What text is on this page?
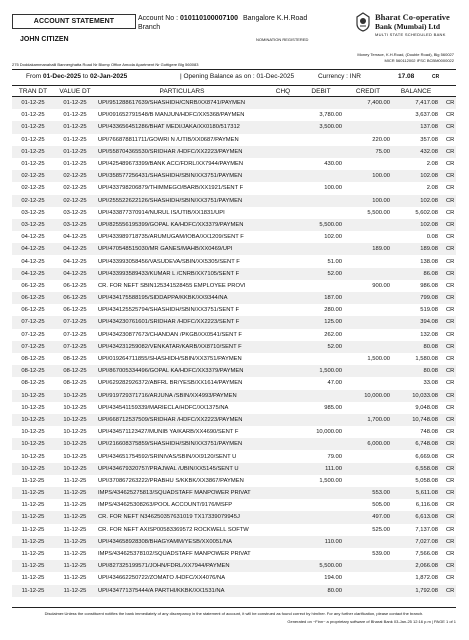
ACCOUNT STATEMENT	Account No : 010110100007100 Bangalore K.H.Road
Branch
NOMINATION REGISTERED
JOHN CITIZEN
Bharat Co-operative
Bank (Mumbai) Ltd
MULTI STATE SCHEDULED BANK
Money Terrace, K.H.Road, (Double Road), Blg 560027
MICR 560112002 IFSC BCBM0000022
275 Doddakammanahalli Bannerghatta Road Nr Blomp Office Amoda Apartment Nr Gottigere Blg 560083
From 01-Dec-2025 to 02-Jan-2025	| Opening Balance as on : 01-Dec-2025	Currency : INR	17.08	CR
TRAN DT	VALUE DT	PARTICULARS	CHQ	DEBIT	CREDIT	BALANCE	
01-12-25	01-12-25	UPI/951288617639/SHASHIDH/CNRB/XX8741/PAYMEN			7,400.00	7,417.08	CR
01-12-25	01-12-25	UPI/091652791548/B MANJUN/HDFC/XX5368/PAYMEN		3,780.00		3,637.08	CR
01-12-25	01-12-25	UPI/433656451286/BHAT MEDI/JAKA/XX0180/517312		3,500.00		137.08	CR
01-12-25	01-12-25	UPI/766878811711/GOWRI N /UTIB/XX0687/PAYMEN			220.00	357.08	CR
01-12-25	01-12-25	UPI/558704365530/SRIDHAR /HDFC/XX2223/PAYMEN			75.00	432.08	CR
01-12-25	01-12-25	UPI/425489673399/BANK ACC/FDRL/XX7944/PAYMEN		430.00		2.08	CR
02-12-25	02-12-25	UPI/358577256431/SHASHIDH/SBIN/XX3751/PAYMEN			100.00	102.08	CR
02-12-25	02-12-25	UPI/433798206879/THIMMEGO/BARB/XX1921/SENT F		100.00		2.08	CR
02-12-25	02-12-25	UPI/255522622126/SHASHIDH/SBIN/XX3751/PAYMEN			100.00	102.08	CR
03-12-25	03-12-25	UPI/433877370914/NURUL IS/UTIB/XX1831/UPI			5,500.00	5,602.08	CR
03-12-25	03-12-25	UPI/825556195399/GOPAL KA/HDFC/XX3379/PAYMEN		5,500.00		102.08	CR
04-12-25	04-12-25	UPI/433989718735/ARUMUGAM/IOBA/XX1209/SENT F		102.00		0.08	CR
04-12-25	04-12-25	UPI/470548515030/MR GANES/MAHB/XX0469/UPI			189.00	189.08	CR
04-12-25	04-12-25	UPI/433993058456/VASUDEVA/SBIN/XX5305/SENT F		51.00		138.08	CR
04-12-25	04-12-25	UPI/433993589433/KUMAR L /CNRB/XX7105/SENT F		52.00		86.08	CR
06-12-25	06-12-25	CR. FOR NEFT SBIN125341528455 EMPLOYEE PROVI			900.00	986.08	CR
06-12-25	06-12-25	UPI/434175588195/SIDDAPPA/KKBK/XX9344/NA		187.00		799.08	CR
06-12-25	06-12-25	UPI/434125525794/SHASHIDH/SBIN/XX3751/SENT F		280.00		519.08	CR
07-12-25	07-12-25	UPI/434230761601/SRIDHAR /HDFC/XX2223/SENT F		125.00		394.08	CR
07-12-25	07-12-25	UPI/434230877673/CHANDAN /PKGB/XX0541/SENT F		262.00		132.08	CR
07-12-25	07-12-25	UPI/434231259082/VENKATAR/KARB/XX8710/SENT F		52.00		80.08	CR
08-12-25	08-12-25	UPI/019264711855/SHASHIDH/SBIN/XX3751/PAYMEN			1,500.00	1,580.08	CR
08-12-25	08-12-25	UPI/867005334496/GOPAL KA/HDFC/XX3379/PAYMEN		1,500.00		80.08	CR
08-12-25	08-12-25	UPI/629282926372/ABFRL BR/YESB/XX1614/PAYMEN		47.00		33.08	CR
10-12-25	10-12-25	UPI/919729371716/ARJUNA /SBIN/XX4993/PAYMEN			10,000.00	10,033.08	CR
10-12-25	10-12-25	UPI/434541159339/MARIECLA/HDFC/XX1375/NA		985.00		9,048.08	CR
10-12-25	10-12-25	UPI/668712537509/SRIDHAR /HDFC/XX2223/PAYMEN			1,700.00	10,748.08	CR
10-12-25	10-12-25	UPI/434571123427/MUNIB YA/KARB/XX4690/SENT F		10,000.00		748.08	CR
10-12-25	10-12-25	UPI/216608375859/SHASHIDH/SBIN/XX3751/PAYMEN			6,000.00	6,748.08	CR
10-12-25	10-12-25	UPI/434651754592/SRINIVAS/SBIN/XX9120/SENT U		79.00		6,669.08	CR
10-12-25	10-12-25	UPI/434679320757/PRAJWAL /UBIN/XX5145/SENT U		111.00		6,558.08	CR
11-12-25	11-12-25	UPI/370867263222/PRABHU S/KKBK/XX3867/PAYMEN		1,500.00		5,058.08	CR
11-12-25	11-12-25	IMPS/434625275813/SQUADSTAFF MANPOWER PRIVAT			553.00	5,611.08	CR
11-12-25	11-12-25	IMPS/434625308263/POOL ACCOUNT/9176/MSFP			505.00	6,116.08	CR
11-12-25	11-12-25	CR. FOR NEFT N346250357631019 TX17339079945J			497.00	6,613.08	CR
11-12-25	11-12-25	CR. FOR NEFT AXISP00583369572 ROCKWELL SOFTW			525.00	7,137.08	CR
11-12-25	11-12-25	UPI/434658928308/BHAGYAMM/YESB/XX0051/NA		110.00		7,027.08	CR
11-12-25	11-12-25	IMPS/434625378102/SQUADSTAFF MANPOWER PRIVAT			539.00	7,566.08	CR
11-12-25	11-12-25	UPI/827325199571/JOHN/FDRL/XX7944/PAYMEN		5,500.00		2,066.08	CR
11-12-25	11-12-25	UPI/434662250722/ZOMATO /HDFC/XX4076/NA		194.00		1,872.08	CR
11-12-25	11-12-25	UPI/434771375444/A PARTHI/KKBK/XX1531/NA		80.00		1,792.08	CR
Disclaimer:Unless the constituent notifies the bank immediately of any discrepancy in the statement of account, it will be construed as found correct by him/her. For any further clarification, please contact the branch.
Generated on ~Finn~ a proprietary software of Bharat Bank 03-Jan-25 12:16 p.m | PAGE 1 of 1
